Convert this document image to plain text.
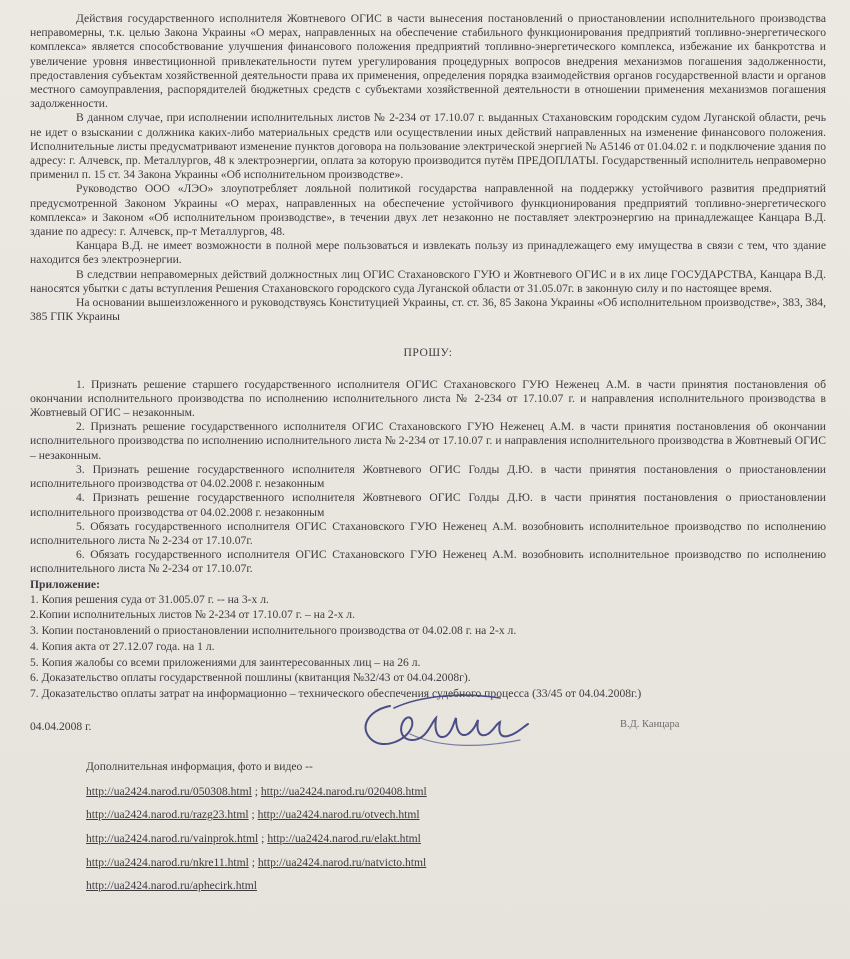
Действия государственного исполнителя Жовтневого ОГИС в части вынесения постановлений о приостановлении исполнительного производства неправомерны, т.к. целью Закона Украины «О мерах, направленных на обеспечение стабильного функционирования предприятий топливно-энергетического комплекса» является способствование улучшения финансового положения предприятий топливно-энергетического комплекса, избежание их банкротства и увеличение уровня инвестиционной привлекательности путем урегулирования процедурных вопросов внедрения механизмов погашения задолженности, предоставления субъектам хозяйственной деятельности права их применения, определения порядка взаимодействия органов государственной власти и органов местного самоуправления, распорядителей бюджетных средств с субъектами хозяйственной деятельности в отношении применения механизмов погашения задолженности.

В данном случае, при исполнении исполнительных листов № 2-234 от 17.10.07 г. выданных Стахановским городским судом Луганской области, речь не идет о взыскании с должника каких-либо материальных средств или осуществлении иных действий направленных на изменение финансового положения. Исполнительные листы предусматривают изменение пунктов договора на пользование электрической энергией № А5146 от 01.04.02 г. и подключение здания по адресу: г. Алчевск, пр. Металлургов, 48 к электроэнергии, оплата за которую производится путём ПРЕДОПЛАТЫ. Государственный исполнитель неправомерно применил п. 15 ст. 34 Закона Украины «Об исполнительном производстве».

Руководство ООО «ЛЭО» злоупотребляет лояльной политикой государства направленной на поддержку устойчивого развития предприятий предусмотренной Законом Украины «О мерах, направленных на обеспечение устойчивого функционирования предприятий топливно-энергетического комплекса» и Законом «Об исполнительном производстве», в течении двух лет незаконно не поставляет электроэнергию на принадлежащее Канцара В.Д. здание по адресу: г. Алчевск, пр-т Металлургов, 48.

Канцара В.Д. не имеет возможности в полной мере пользоваться и извлекать пользу из принадлежащего ему имущества в связи с тем, что здание находится без электроэнергии.

В следствии неправомерных действий должностных лиц ОГИС Стахановского ГУЮ и Жовтневого ОГИС и в их лице ГОСУДАРСТВА, Канцара В.Д. наносятся убытки с даты вступления Решения Стахановского городского суда Луганской области от 31.05.07г. в законную силу и по настоящее время.

На основании вышеизложенного и руководствуясь Конституцией Украины, ст. ст. 36, 85 Закона Украины «Об исполнительном производстве», 383, 384, 385 ГПК Украины

ПРОШУ:

1. Признать решение старшего государственного исполнителя ОГИС Стахановского ГУЮ Неженец А.М. в части принятия постановления об окончании исполнительного производства по исполнению исполнительного листа № 2-234 от 17.10.07 г. и направления исполнительного производства в Жовтневый ОГИС – незаконным.

2. Признать решение государственного исполнителя ОГИС Стахановского ГУЮ Неженец А.М. в части принятия постановления об окончании исполнительного производства по исполнению исполнительного листа № 2-234 от 17.10.07 г. и направления исполнительного производства в Жовтневый ОГИС – незаконным.

3. Признать решение государственного исполнителя Жовтневого ОГИС Голды Д.Ю. в части принятия постановления о приостановлении исполнительного производства от 04.02.2008 г. незаконным

4. Признать решение государственного исполнителя Жовтневого ОГИС Голды Д.Ю. в части принятия постановления о приостановлении исполнительного производства от 04.02.2008 г. незаконным

5. Обязать государственного исполнителя ОГИС Стахановского ГУЮ Неженец А.М. возобновить исполнительное производство по исполнению исполнительного листа № 2-234 от 17.10.07г.

6. Обязать государственного исполнителя ОГИС Стахановского ГУЮ Неженец А.М. возобновить исполнительное производство по исполнению исполнительного листа № 2-234 от 17.10.07г.

Приложение:
1. Копия решения суда от 31.005.07 г. -- на 3-х л.
2.Копии исполнительных листов № 2-234 от 17.10.07 г. – на 2-х л.
3. Копии постановлений о приостановлении исполнительного производства от 04.02.08 г. на 2-х л.
4. Копия акта от 27.12.07 года. на 1 л.
5. Копия жалобы со всеми приложениями для заинтересованных лиц – на 26 л.
6. Доказательство оплаты государственной пошлины (квитанция №32/43 от 04.04.2008г).
7. Доказательство оплаты затрат на информационно – технического обеспечения судебного процесса (33/45 от 04.04.2008г.)
04.04.2008 г.	В.Д. Канцара
Дополнительная информация, фото и видео --
http://ua2424.narod.ru/050308.html ; http://ua2424.narod.ru/020408.html
http://ua2424.narod.ru/razg23.html ; http://ua2424.narod.ru/otvech.html
http://ua2424.narod.ru/vainprok.html ; http://ua2424.narod.ru/elakt.html
http://ua2424.narod.ru/nkre11.html ; http://ua2424.narod.ru/natvicto.html
http://ua2424.narod.ru/aphecirk.html
